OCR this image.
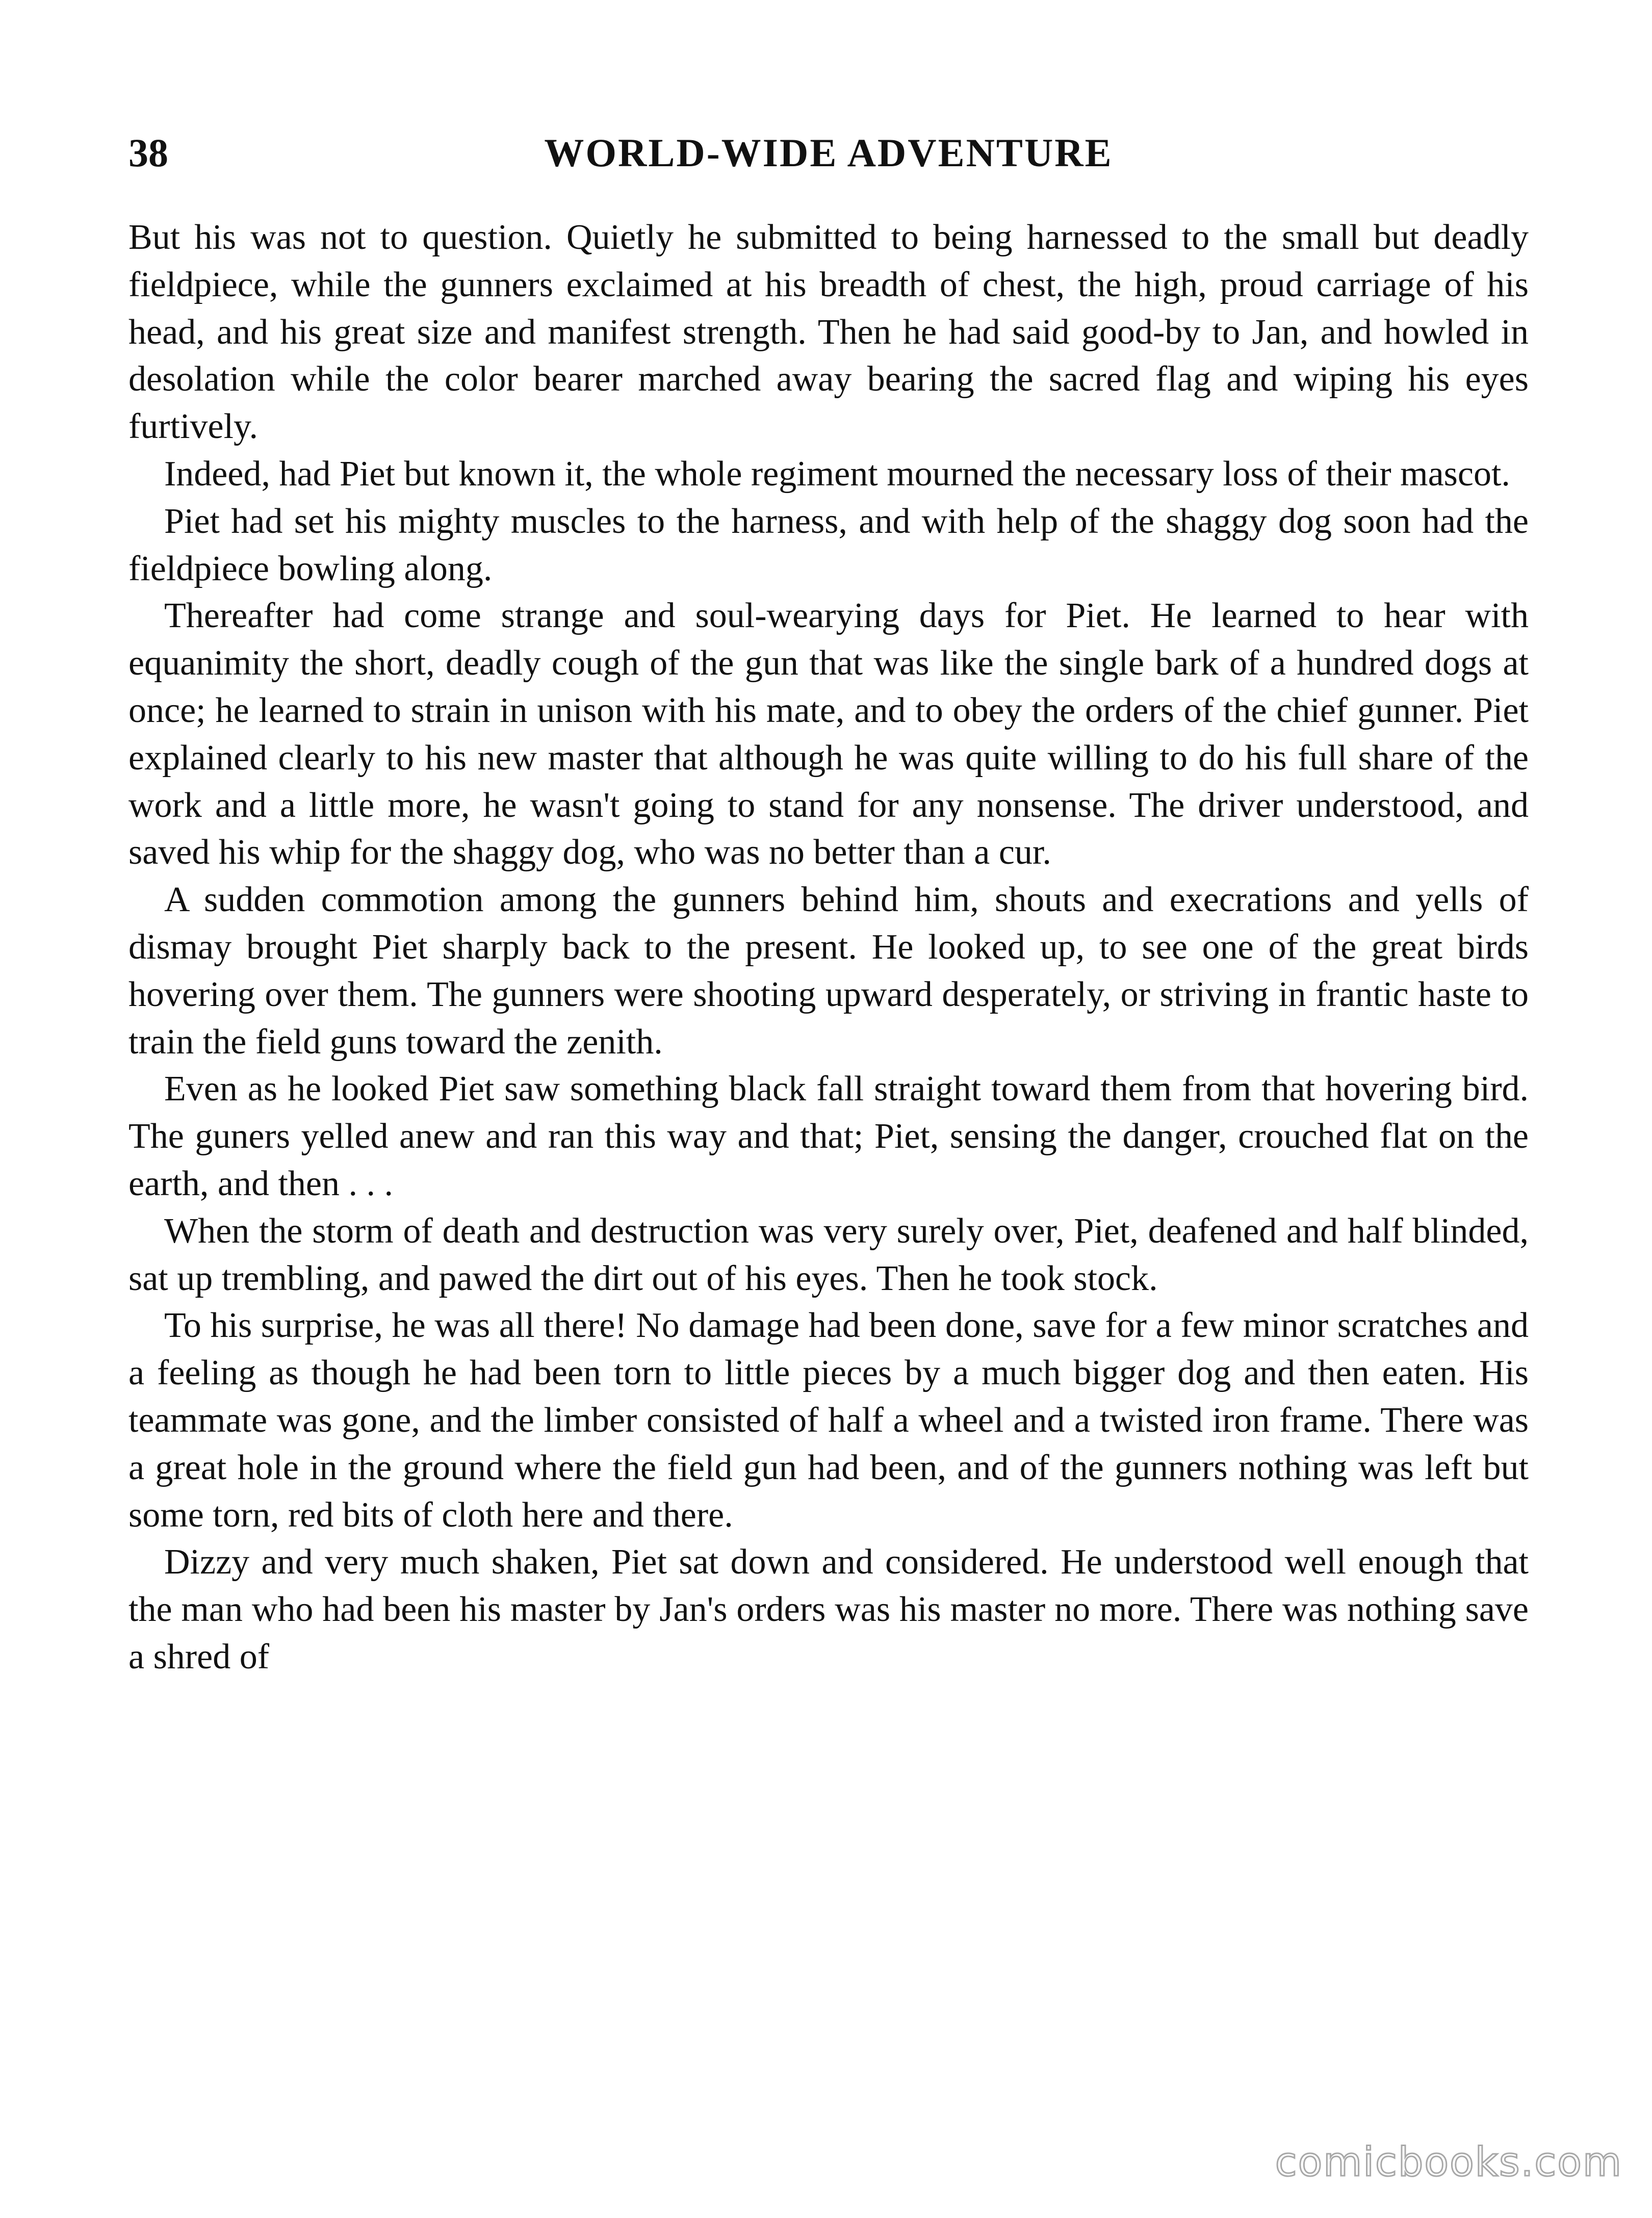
38	WORLD-WIDE ADVENTURE

But his was not to question. Quietly he submitted to being harnessed to the small but deadly fieldpiece, while the gunners exclaimed at his breadth of chest, the high, proud carriage of his head, and his great size and manifest strength. Then he had said good-by to Jan, and howled in desolation while the color bearer marched away bearing the sacred flag and wiping his eyes furtively.

Indeed, had Piet but known it, the whole regiment mourned the necessary loss of their mascot.

Piet had set his mighty muscles to the harness, and with help of the shaggy dog soon had the fieldpiece bowling along.

Thereafter had come strange and soul-wearying days for Piet. He learned to hear with equanimity the short, deadly cough of the gun that was like the single bark of a hundred dogs at once; he learned to strain in unison with his mate, and to obey the orders of the chief gunner. Piet explained clearly to his new master that although he was quite willing to do his full share of the work and a little more, he wasn't going to stand for any nonsense. The driver understood, and saved his whip for the shaggy dog, who was no better than a cur.

A sudden commotion among the gunners behind him, shouts and execrations and yells of dismay brought Piet sharply back to the present. He looked up, to see one of the great birds hovering over them. The gunners were shooting upward desperately, or striving in frantic haste to train the field guns toward the zenith.

Even as he looked Piet saw something black fall straight toward them from that hovering bird. The guners yelled anew and ran this way and that; Piet, sensing the danger, crouched flat on the earth, and then . . .

When the storm of death and destruction was very surely over, Piet, deafened and half blinded, sat up trembling, and pawed the dirt out of his eyes. Then he took stock.

To his surprise, he was all there! No damage had been done, save for a few minor scratches and a feeling as though he had been torn to little pieces by a much bigger dog and then eaten. His teammate was gone, and the limber consisted of half a wheel and a twisted iron frame. There was a great hole in the ground where the field gun had been, and of the gunners nothing was left but some torn, red bits of cloth here and there.

Dizzy and very much shaken, Piet sat down and considered. He understood well enough that the man who had been his master by Jan's orders was his master no more. There was nothing save a shred of

comicbooks.com
